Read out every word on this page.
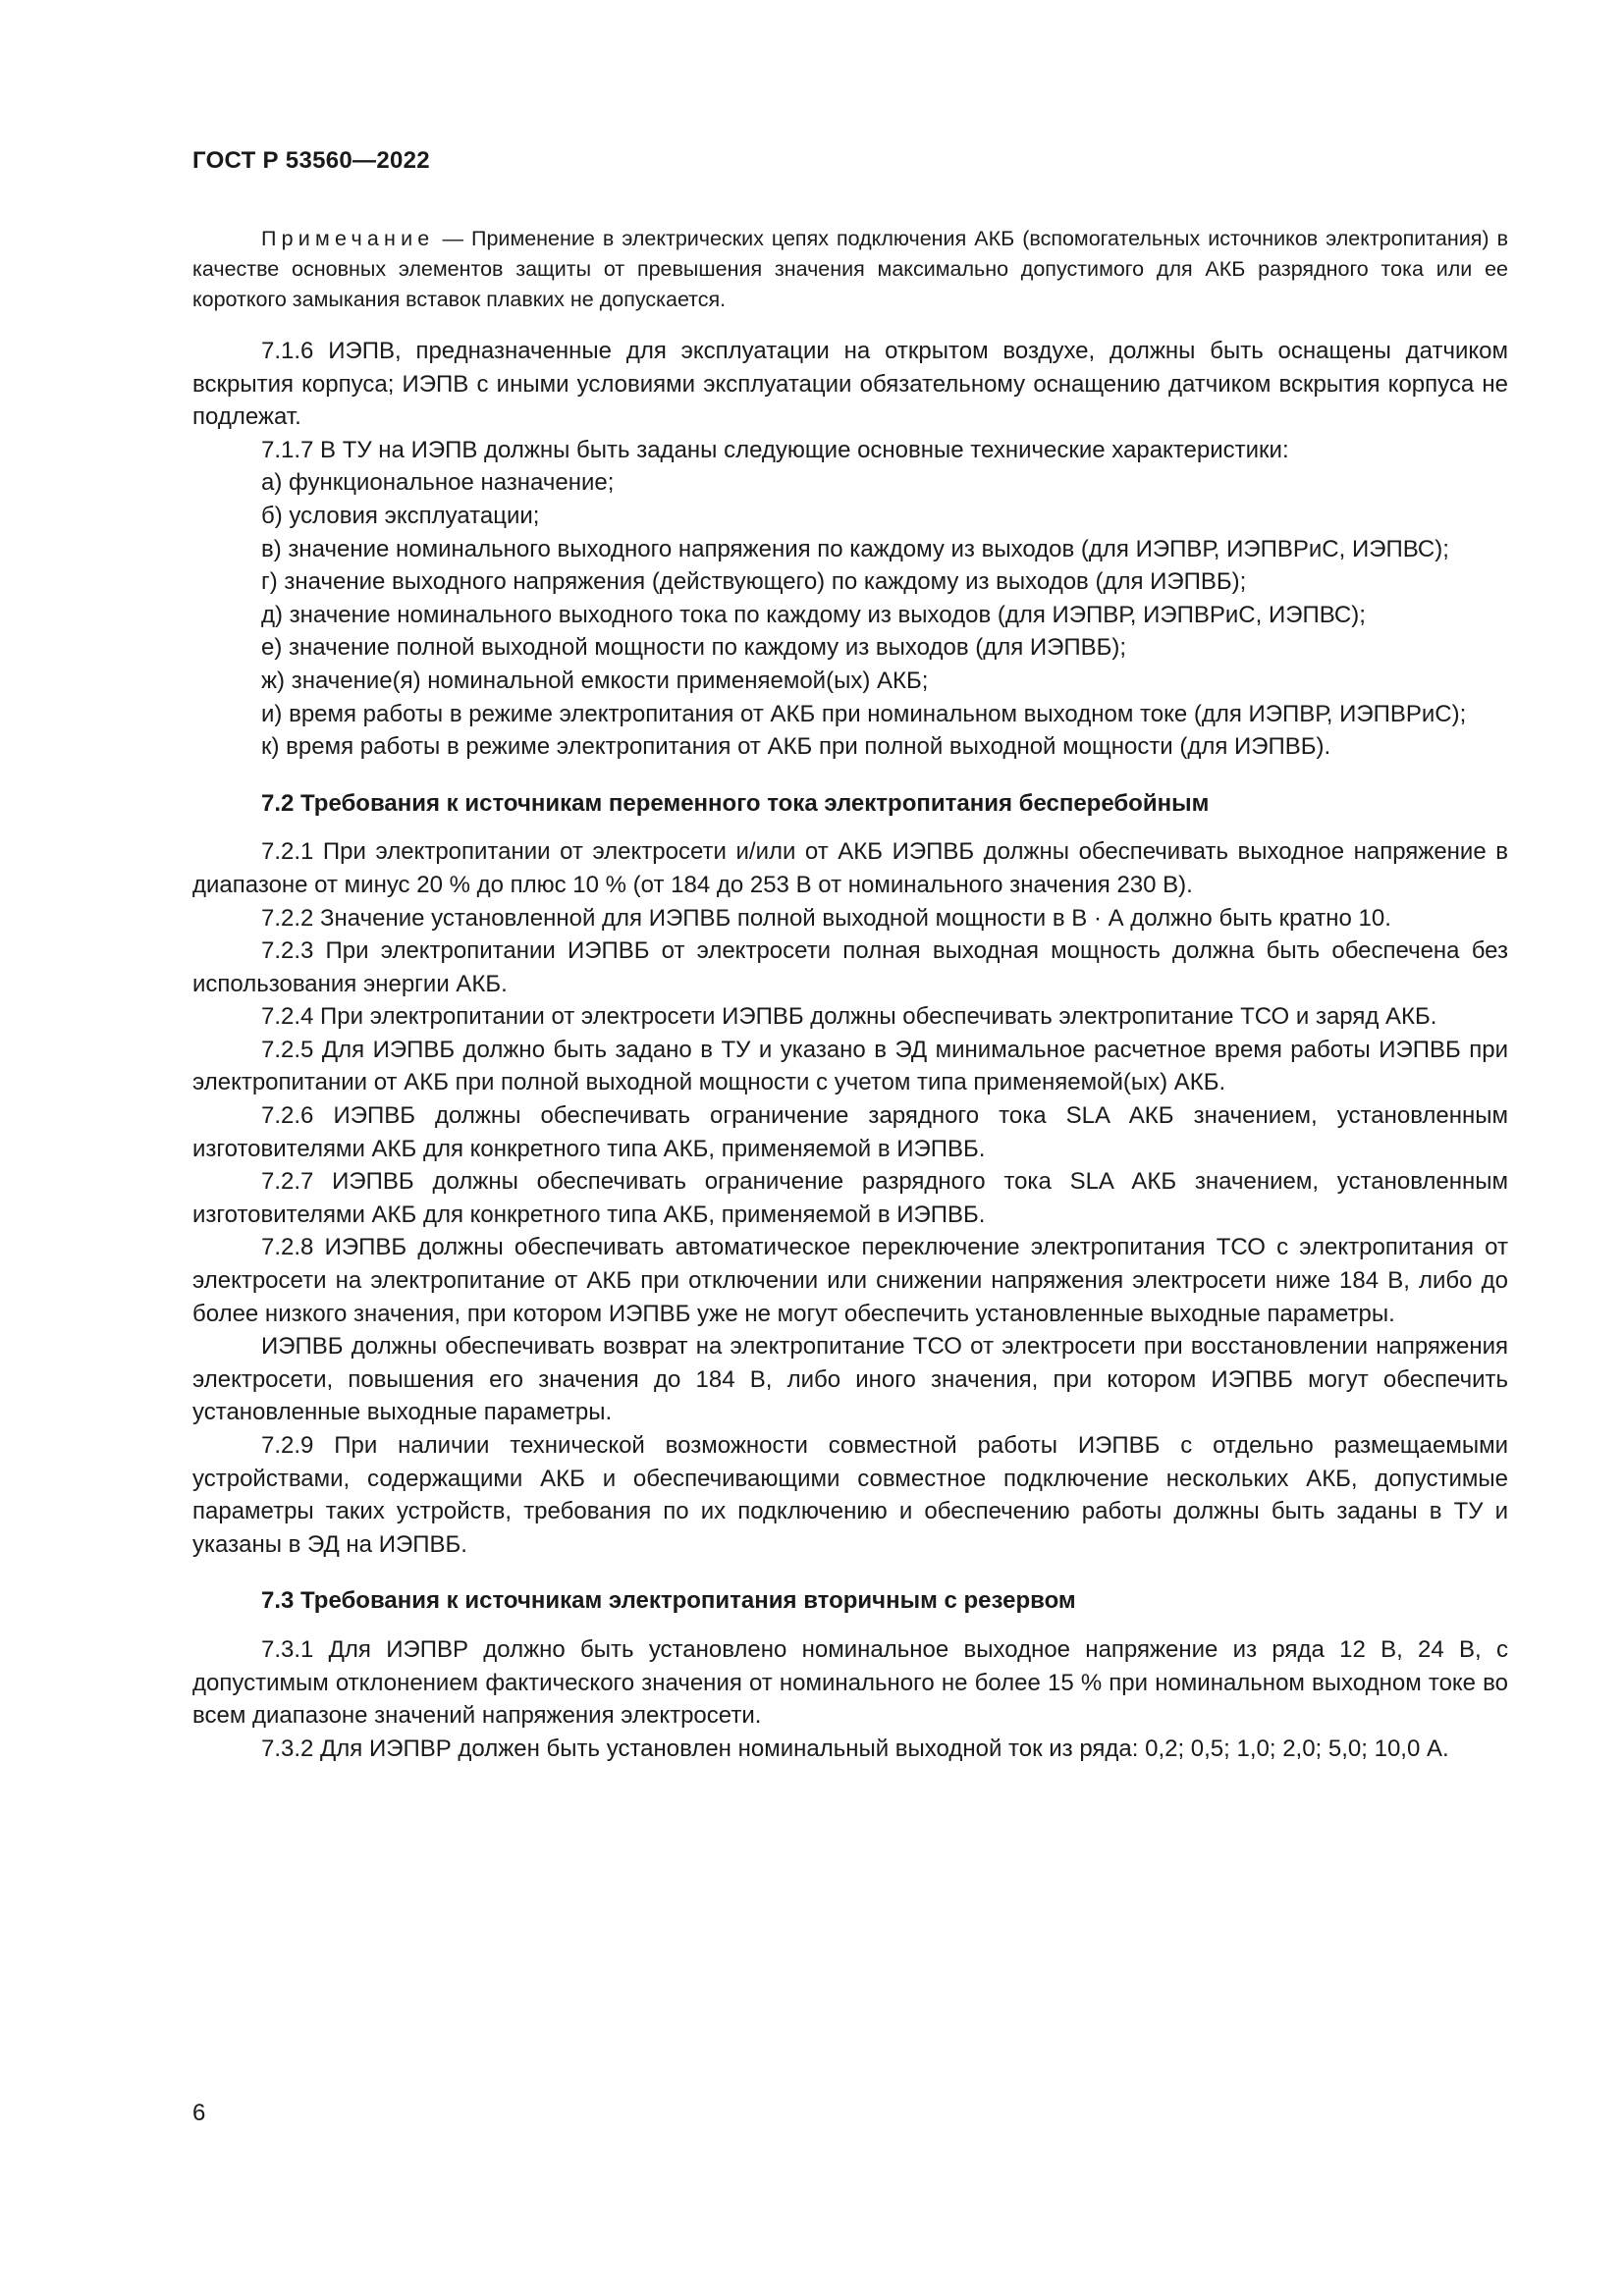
ГОСТ Р 53560—2022

Примечание — Применение в электрических цепях подключения АКБ (вспомогательных источников электропитания) в качестве основных элементов защиты от превышения значения максимально допустимого для АКБ разрядного тока или ее короткого замыкания вставок плавких не допускается.

7.1.6 ИЭПВ, предназначенные для эксплуатации на открытом воздухе, должны быть оснащены датчиком вскрытия корпуса; ИЭПВ с иными условиями эксплуатации обязательному оснащению датчиком вскрытия корпуса не подлежат.

7.1.7 В ТУ на ИЭПВ должны быть заданы следующие основные технические характеристики:

а) функциональное назначение;

б) условия эксплуатации;

в) значение номинального выходного напряжения по каждому из выходов (для ИЭПВР, ИЭПВРиС, ИЭПВС);

г) значение выходного напряжения (действующего) по каждому из выходов (для ИЭПВБ);

д) значение номинального выходного тока по каждому из выходов (для ИЭПВР, ИЭПВРиС, ИЭПВС);

е) значение полной выходной мощности по каждому из выходов (для ИЭПВБ);

ж) значение(я) номинальной емкости применяемой(ых) АКБ;

и) время работы в режиме электропитания от АКБ при номинальном выходном токе (для ИЭПВР, ИЭПВРиС);

к) время работы в режиме электропитания от АКБ при полной выходной мощности (для ИЭПВБ).

7.2 Требования к источникам переменного тока электропитания бесперебойным

7.2.1 При электропитании от электросети и/или от АКБ ИЭПВБ должны обеспечивать выходное напряжение в диапазоне от минус 20 % до плюс 10 % (от 184 до 253 В от номинального значения 230 В).

7.2.2 Значение установленной для ИЭПВБ полной выходной мощности в В · А должно быть кратно 10.

7.2.3 При электропитании ИЭПВБ от электросети полная выходная мощность должна быть обеспечена без использования энергии АКБ.

7.2.4 При электропитании от электросети ИЭПВБ должны обеспечивать электропитание ТСО и заряд АКБ.

7.2.5 Для ИЭПВБ должно быть задано в ТУ и указано в ЭД минимальное расчетное время работы ИЭПВБ при электропитании от АКБ при полной выходной мощности с учетом типа применяемой(ых) АКБ.

7.2.6 ИЭПВБ должны обеспечивать ограничение зарядного тока SLA АКБ значением, установленным изготовителями АКБ для конкретного типа АКБ, применяемой в ИЭПВБ.

7.2.7 ИЭПВБ должны обеспечивать ограничение разрядного тока SLA АКБ значением, установленным изготовителями АКБ для конкретного типа АКБ, применяемой в ИЭПВБ.

7.2.8 ИЭПВБ должны обеспечивать автоматическое переключение электропитания ТСО с электропитания от электросети на электропитание от АКБ при отключении или снижении напряжения электросети ниже 184 В, либо до более низкого значения, при котором ИЭПВБ уже не могут обеспечить установленные выходные параметры.

ИЭПВБ должны обеспечивать возврат на электропитание ТСО от электросети при восстановлении напряжения электросети, повышения его значения до 184 В, либо иного значения, при котором ИЭПВБ могут обеспечить установленные выходные параметры.

7.2.9 При наличии технической возможности совместной работы ИЭПВБ с отдельно размещаемыми устройствами, содержащими АКБ и обеспечивающими совместное подключение нескольких АКБ, допустимые параметры таких устройств, требования по их подключению и обеспечению работы должны быть заданы в ТУ и указаны в ЭД на ИЭПВБ.

7.3 Требования к источникам электропитания вторичным с резервом

7.3.1 Для ИЭПВР должно быть установлено номинальное выходное напряжение из ряда 12 В, 24 В, с допустимым отклонением фактического значения от номинального не более 15 % при номинальном выходном токе во всем диапазоне значений напряжения электросети.

7.3.2 Для ИЭПВР должен быть установлен номинальный выходной ток из ряда: 0,2; 0,5; 1,0; 2,0; 5,0; 10,0 А.

6
